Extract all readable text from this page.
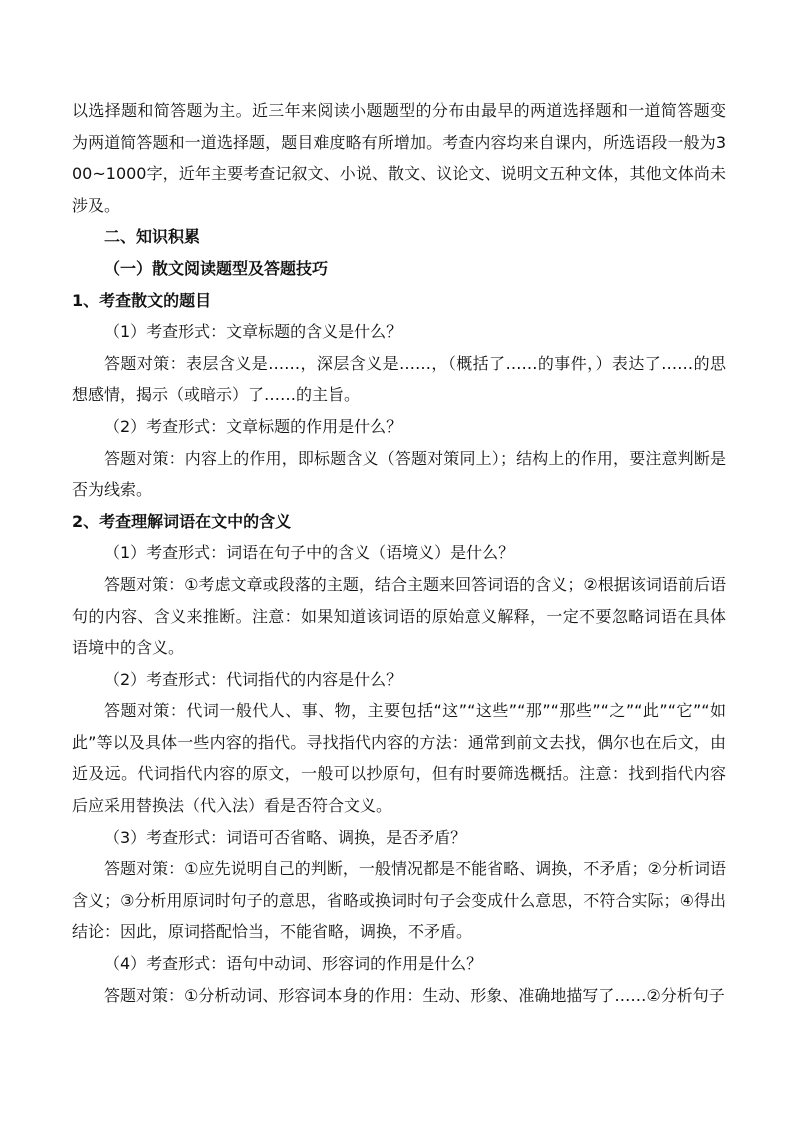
以选择题和简答题为主。近三年来阅读小题题型的分布由最早的两道选择题和一道简答题变为两道简答题和一道选择题，题目难度略有所增加。考查内容均来自课内，所选语段一般为300~1000字，近年主要考查记叙文、小说、散文、议论文、说明文五种文体，其他文体尚未涉及。

二、知识积累

（一）散文阅读题型及答题技巧

1、考查散文的题目

（1）考查形式：文章标题的含义是什么？

答题对策：表层含义是……，深层含义是……，（概括了……的事件，）表达了……的思想感情，揭示（或暗示）了……的主旨。

（2）考查形式：文章标题的作用是什么？

答题对策：内容上的作用，即标题含义（答题对策同上）；结构上的作用，要注意判断是否为线索。

2、考查理解词语在文中的含义

（1）考查形式：词语在句子中的含义（语境义）是什么？

答题对策：①考虑文章或段落的主题，结合主题来回答词语的含义；②根据该词语前后语句的内容、含义来推断。注意：如果知道该词语的原始意义解释，一定不要忽略词语在具体语境中的含义。

（2）考查形式：代词指代的内容是什么？

答题对策：代词一般代人、事、物，主要包括“这”“这些”“那”“那些”“之”“此”“它”“如此”等以及具体一些内容的指代。寻找指代内容的方法：通常到前文去找，偶尔也在后文，由近及远。代词指代内容的原文，一般可以抄原句，但有时要筛选概括。注意：找到指代内容后应采用替换法（代入法）看是否符合文义。

（3）考查形式：词语可否省略、调换，是否矛盾？

答题对策：①应先说明自己的判断，一般情况都是不能省略、调换，不矛盾；②分析词语含义；③分析用原词时句子的意思，省略或换词时句子会变成什么意思，不符合实际；④得出结论：因此，原词搭配恰当，不能省略，调换，不矛盾。

（4）考查形式：语句中动词、形容词的作用是什么？

答题对策：①分析动词、形容词本身的作用：生动、形象、准确地描写了……②分析句子
